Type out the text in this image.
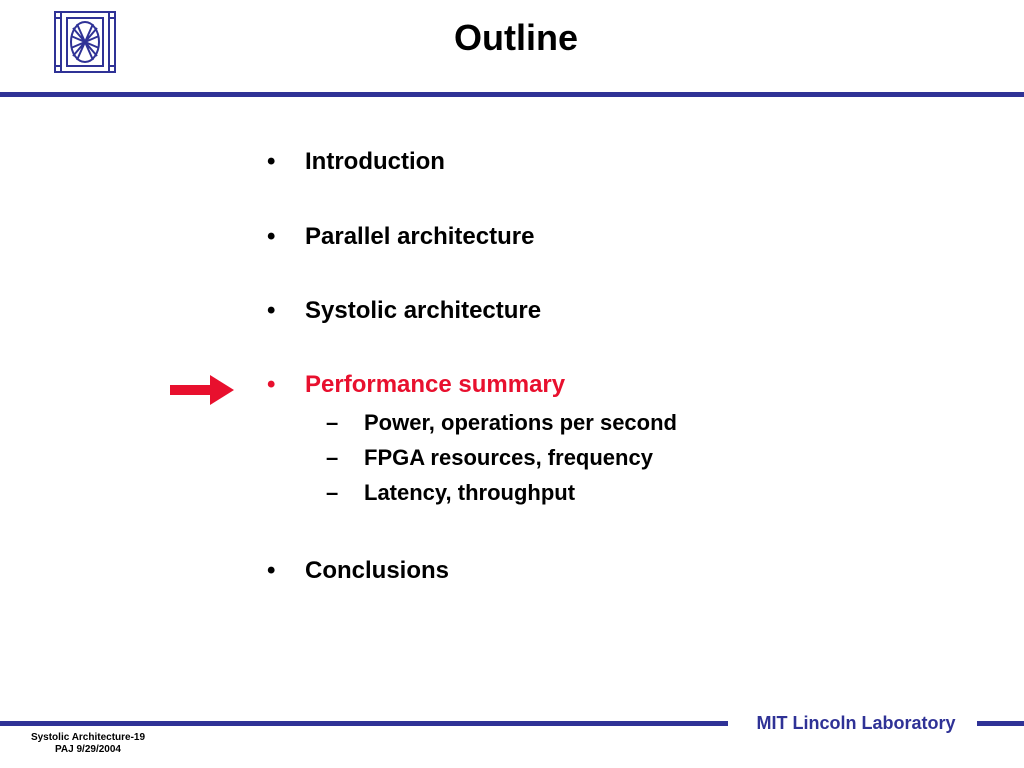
Outline
•	Introduction
•	Parallel architecture
•	Systolic architecture
•	Performance summary
– Power, operations per second
– FPGA resources, frequency
– Latency, throughput
•	Conclusions
MIT Lincoln Laboratory
Systolic Architecture-19
PAJ 9/29/2004
